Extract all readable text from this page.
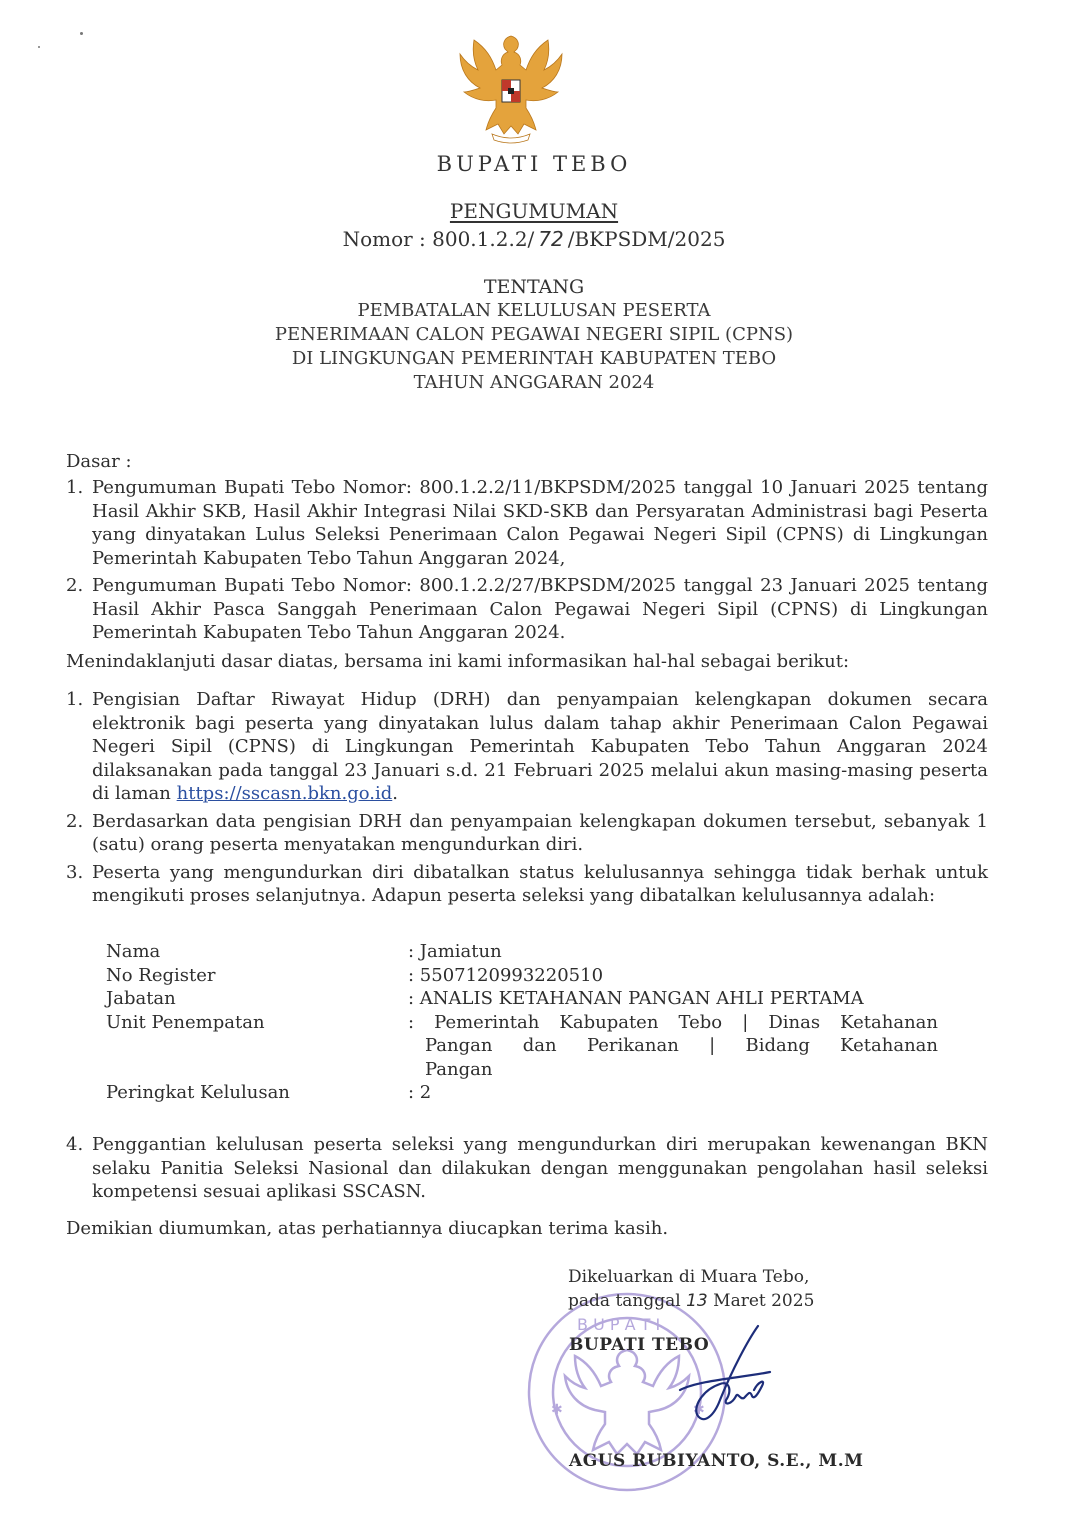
BUPATI TEBO
PENGUMUMAN
Nomor : 800.1.2.2/ 72 /BKPSDM/2025
TENTANG
PEMBATALAN KELULUSAN PESERTA
PENERIMAAN CALON PEGAWAI NEGERI SIPIL (CPNS)
DI LINGKUNGAN PEMERINTAH KABUPATEN TEBO
TAHUN ANGGARAN 2024
Dasar :
1. Pengumuman Bupati Tebo Nomor: 800.1.2.2/11/BKPSDM/2025 tanggal 10 Januari 2025 tentang Hasil Akhir SKB, Hasil Akhir Integrasi Nilai SKD-SKB dan Persyaratan Administrasi bagi Peserta yang dinyatakan Lulus Seleksi Penerimaan Calon Pegawai Negeri Sipil (CPNS) di Lingkungan Pemerintah Kabupaten Tebo Tahun Anggaran 2024,
2. Pengumuman Bupati Tebo Nomor: 800.1.2.2/27/BKPSDM/2025 tanggal 23 Januari 2025 tentang Hasil Akhir Pasca Sanggah Penerimaan Calon Pegawai Negeri Sipil (CPNS) di Lingkungan Pemerintah Kabupaten Tebo Tahun Anggaran 2024.
Menindaklanjuti dasar diatas, bersama ini kami informasikan hal-hal sebagai berikut:
1. Pengisian Daftar Riwayat Hidup (DRH) dan penyampaian kelengkapan dokumen secara elektronik bagi peserta yang dinyatakan lulus dalam tahap akhir Penerimaan Calon Pegawai Negeri Sipil (CPNS) di Lingkungan Pemerintah Kabupaten Tebo Tahun Anggaran 2024 dilaksanakan pada tanggal 23 Januari s.d. 21 Februari 2025 melalui akun masing-masing peserta di laman https://sscasn.bkn.go.id.
2. Berdasarkan data pengisian DRH dan penyampaian kelengkapan dokumen tersebut, sebanyak 1 (satu) orang peserta menyatakan mengundurkan diri.
3. Peserta yang mengundurkan diri dibatalkan status kelulusannya sehingga tidak berhak untuk mengikuti proses selanjutnya. Adapun peserta seleksi yang dibatalkan kelulusannya adalah:
Nama	: Jamiatun
No Register	: 5507120993220510
Jabatan	: ANALIS KETAHANAN PANGAN AHLI PERTAMA
Unit Penempatan	: Pemerintah Kabupaten Tebo | Dinas Ketahanan
Pangan dan Perikanan | Bidang Ketahanan
Pangan
Peringkat Kelulusan	: 2
4. Penggantian kelulusan peserta seleksi yang mengundurkan diri merupakan kewenangan BKN selaku Panitia Seleksi Nasional dan dilakukan dengan menggunakan pengolahan hasil seleksi kompetensi sesuai aplikasi SSCASN.
Demikian diumumkan, atas perhatiannya diucapkan terima kasih.
B U P A T I
✱	✱
Dikeluarkan di Muara Tebo,
pada tanggal 13 Maret 2025
BUPATI TEBO
AGUS RUBIYANTO, S.E., M.M
